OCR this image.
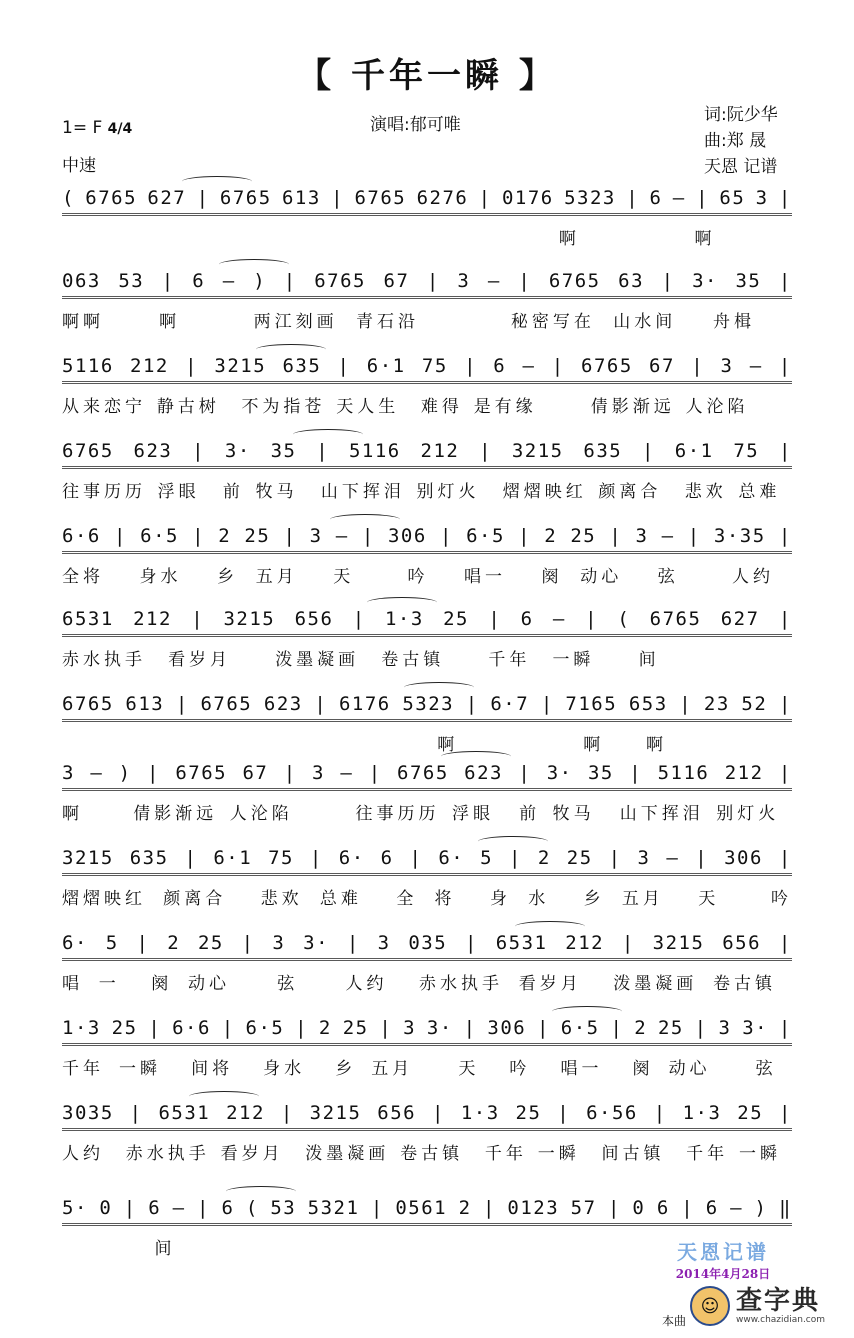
【 千年一瞬 】
1= F 4/4
中速
演唱:郁可唯	词:阮少华
曲:郑 晟
天恩 记谱
( 6765 627 | 6765 613 | 6765 6276 | 0176 5323 | 6 – | 65 3 |
啊	啊
063 53 | 6 – ) | 6765 67 | 3 – | 6765 63 | 3· 35 |
啊啊	啊	两江刻画 青石沿	秘密写在 山水间 舟楫
5116 212 | 3215 635 | 6·1 75 | 6 – | 6765 67 | 3 – |
从来恋宁 静古树 不为指苍 天人生 难得 是有缘	倩影渐远 人沦陷
6765 623 | 3· 35 | 5116 212 | 3215 635 | 6·1 75 |
往事历历 浮眼 前 牧马 山下挥泪 别灯火 熠熠映红 颜离合 悲欢 总难
6·6 | 6·5 | 2 25 | 3 – | 306 | 6·5 | 2 25 | 3 – | 3·35 |
全将 身水 乡 五月 天	吟 唱一 阕 动心 弦	人约
6531 212 | 3215 656 | 1·3 25 | 6 – | ( 6765 627 |
赤水执手 看岁月	泼墨凝画 卷古镇	千年 一瞬	间
6765 613 | 6765 623 | 6176 5323 | 6·7 | 7165 653 | 23 52 |
啊	啊 啊
3 – ) | 6765 67 | 3 – | 6765 623 | 3· 35 | 5116 212 |
啊	倩影渐远 人沦陷	往事历历 浮眼 前 牧马 山下挥泪 别灯火
3215 635 | 6·1 75 | 6· 6 | 6· 5 | 2 25 | 3 – | 306 |
熠熠映红 颜离合 悲欢 总难 全 将 身 水 乡 五月 天	吟
6· 5 | 2 25 | 3 3· | 3 035 | 6531 212 | 3215 656 |
唱 一 阕 动心	弦	人约 赤水执手 看岁月 泼墨凝画 卷古镇
1·3 25 | 6·6 | 6·5 | 2 25 | 3 3· | 306 | 6·5 | 2 25 | 3 3· |
千年 一瞬 间将 身水 乡 五月	天 吟 唱一 阕 动心	弦
3035 | 6531 212 | 3215 656 | 1·3 25 | 6·56 | 1·3 25 |
人约 赤水执手 看岁月 泼墨凝画 卷古镇 千年 一瞬 间古镇 千年 一瞬
5· 0 | 6 – | 6 ( 53 5321 | 0561 2 | 0123 57 | 0 6 | 6 – ) ‖
间	天恩记谱
2014年4月28日
本曲
☺ 查字典
www.chazidian.com
